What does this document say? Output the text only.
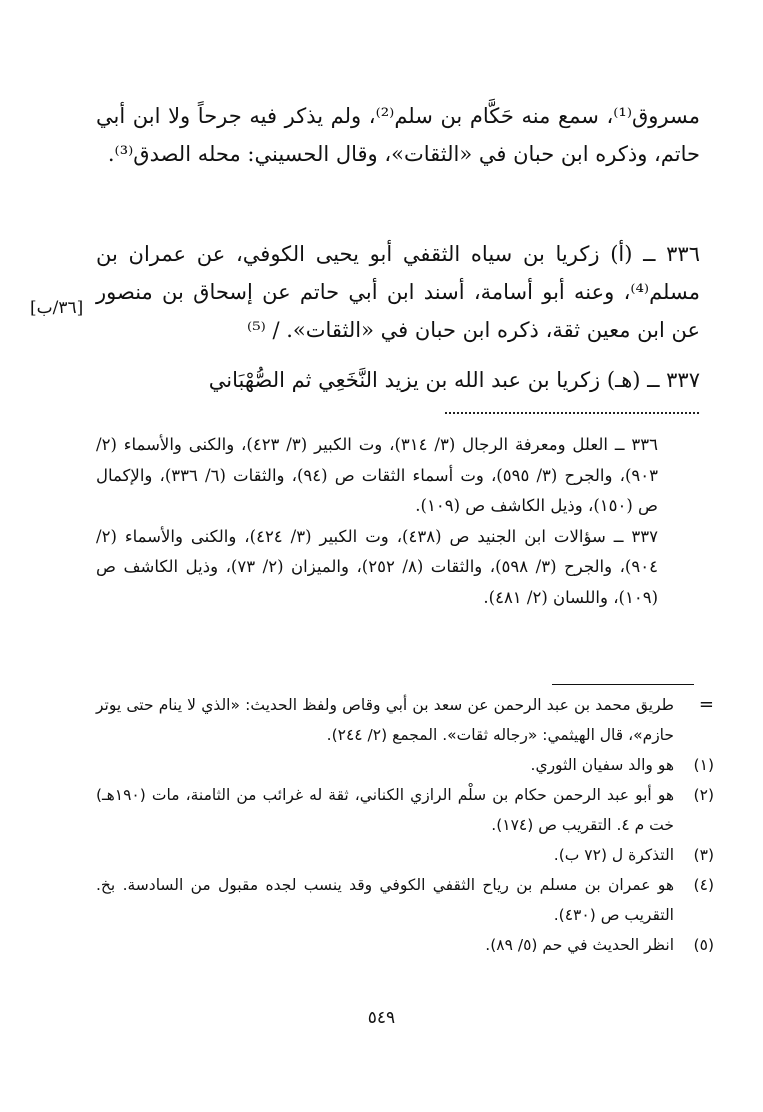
مسروق⁽¹⁾، سمع منه حَكَّام بن سلم⁽²⁾، ولم يذكر فيه جرحاً ولا ابن أبي حاتم، وذكره ابن حبان في «الثقات»، وقال الحسيني: محله الصدق⁽³⁾.

٣٣٦ ــ (أ) زكريا بن سياه الثقفي أبو يحيى الكوفي، عن عمران بن مسلم⁽⁴⁾، وعنه أبو أسامة، أسند ابن أبي حاتم عن إسحاق بن منصور عن ابن معين ثقة، ذكره ابن حبان في «الثقات». / ⁽⁵⁾

٣٣٧ ــ (هـ) زكريا بن عبد الله بن يزيد النَّخَعِي ثم الصُّهْبَاني

[٣٦/ب]

٣٣٦ ــ العلل ومعرفة الرجال (٣/ ٣١٤)، وت الكبير (٣/ ٤٢٣)، والكنى والأسماء (٢/ ٩٠٣)، والجرح (٣/ ٥٩٥)، وت أسماء الثقات ص (٩٤)، والثقات (٦/ ٣٣٦)، والإكمال ص (١٥٠)، وذيل الكاشف ص (١٠٩).

٣٣٧ ــ سؤالات ابن الجنيد ص (٤٣٨)، وت الكبير (٣/ ٤٢٤)، والكنى والأسماء (٢/ ٩٠٤)، والجرح (٣/ ٥٩٨)، والثقات (٨/ ٢٥٢)، والميزان (٢/ ٧٣)، وذيل الكاشف ص (١٠٩)، واللسان (٢/ ٤٨١).

=
طريق محمد بن عبد الرحمن عن سعد بن أبي وقاص ولفظ الحديث: «الذي لا ينام حتى يوتر حازم»، قال الهيثمي: «رجاله ثقات». المجمع (٢/ ٢٤٤).
(١)
هو والد سفيان الثوري.
(٢)
هو أبو عبد الرحمن حكام بن سلْم الرازي الكناني، ثقة له غرائب من الثامنة، مات (١٩٠هـ) خت م ٤. التقريب ص (١٧٤).
(٣)
التذكرة ل (٧٢ ب).
(٤)
هو عمران بن مسلم بن رياح الثقفي الكوفي وقد ينسب لجده مقبول من السادسة. بخ. التقريب ص (٤٣٠).
(٥)
انظر الحديث في حم (٥/ ٨٩).
٥٤٩
